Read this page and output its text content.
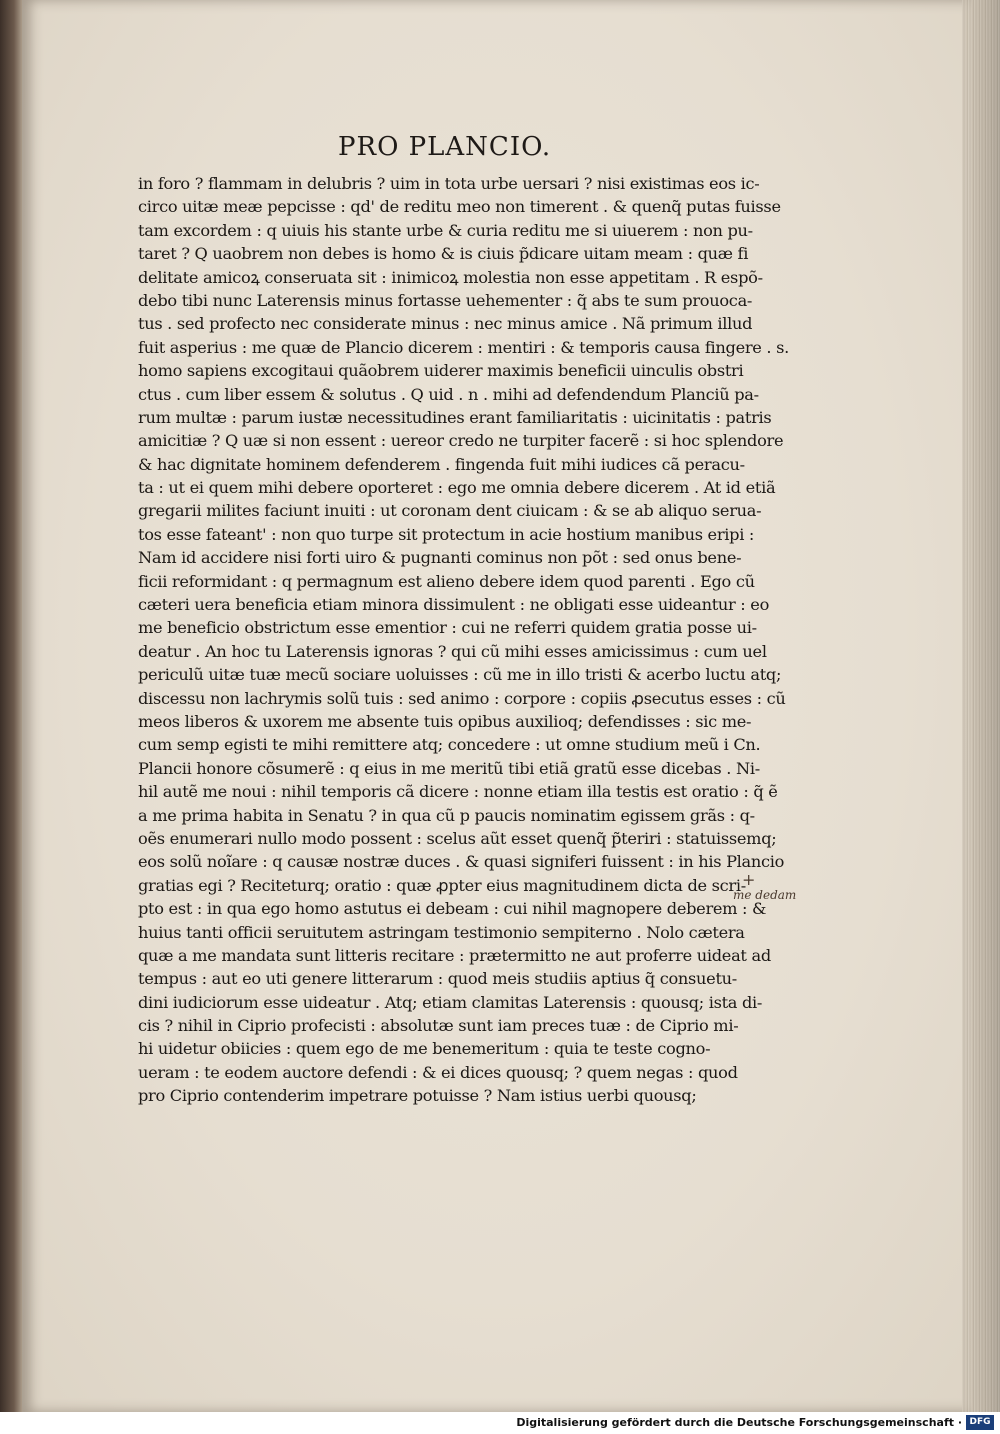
PRO PLANCIO.
in foro ? flammam in delubris ? uim in tota urbe uersari ? nisi existimas eos ic-
circo uitæ meæ pepcisse : qd' de reditu meo non timerent . & quenq̃ putas fuisse
tam excordem : q uiuis his stante urbe & curia reditu me si uiuerem : non pu-
taret ? Q uaobrem non debes is homo & is ciuis p̃dicare uitam meam : quæ fi
delitate amicoꝝ conseruata sit : inimicoꝝ molestia non esse appetitam . R espõ-
debo tibi nunc Laterensis minus fortasse uehementer : q̃ abs te sum prouoca-
tus . sed profecto nec considerate minus : nec minus amice . Nã primum illud
fuit asperius : me quæ de Plancio dicerem : mentiri : & temporis causa fingere . s.
homo sapiens excogitaui quãobrem uiderer maximis beneficii uinculis obstri
ctus . cum liber essem & solutus . Q uid . n . mihi ad defendendum Planciũ pa-
rum multæ : parum iustæ necessitudines erant familiaritatis : uicinitatis : patris
amicitiæ ? Q uæ si non essent : uereor credo ne turpiter facerẽ : si hoc splendore
& hac dignitate hominem defenderem . fingenda fuit mihi iudices cã peracu-
ta : ut ei quem mihi debere oporteret : ego me omnia debere dicerem . At id etiã
gregarii milites faciunt inuiti : ut coronam dent ciuicam : & se ab aliquo serua-
tos esse fateant' : non quo turpe sit protectum in acie hostium manibus eripi :
Nam id accidere nisi forti uiro & pugnanti cominus non põt : sed onus bene-
ficii reformidant : q permagnum est alieno debere idem quod parenti . Ego cũ
cæteri uera beneficia etiam minora dissimulent : ne obligati esse uideantur : eo
me beneficio obstrictum esse ementior : cui ne referri quidem gratia posse ui-
deatur . An hoc tu Laterensis ignoras ? qui cũ mihi esses amicissimus : cum uel
periculũ uitæ tuæ mecũ sociare uoluisses : cũ me in illo tristi & acerbo luctu atq;
discessu non lachrymis solũ tuis : sed animo : corpore : copiis ꝓsecutus esses : cũ
meos liberos & uxorem me absente tuis opibus auxilioq; defendisses : sic me-
cum semp egisti te mihi remittere atq; concedere : ut omne studium meũ i Cn.
Plancii honore cõsumerẽ : q eius in me meritũ tibi etiã gratũ esse dicebas . Ni-
hil autẽ me noui : nihil temporis cã dicere : nonne etiam illa testis est oratio : q̃ ẽ
a me prima habita in Senatu ? in qua cũ p paucis nominatim egissem grãs : q-
oẽs enumerari nullo modo possent : scelus aũt esset quenq̃ p̃teriri : statuissemq;
eos solũ noĩare : q causæ nostræ duces . & quasi signiferi fuissent : in his Plancio
gratias egi ? Reciteturq; oratio : quæ ꝓpter eius magnitudinem dicta de scri-
pto est : in qua ego homo astutus ei debeam : cui nihil magnopere deberem : &
huius tanti officii seruitutem astringam testimonio sempiterno . Nolo cætera
quæ a me mandata sunt litteris recitare : prætermitto ne aut proferre uideat ad
tempus : aut eo uti genere litterarum : quod meis studiis aptius q̃ consuetu-
dini iudiciorum esse uideatur . Atq; etiam clamitas Laterensis : quousq; ista di-
cis ? nihil in Ciprio profecisti : absolutæ sunt iam preces tuæ : de Ciprio mi-
hi uidetur obiicies : quem ego de me benemeritum : quia te teste cogno-
ueram : te eodem auctore defendi : & ei dices quousq; ? quem negas : quod
pro Ciprio contenderim impetrare potuisse ? Nam istius uerbi quousq;
+
me dedam
Digitalisierung gefördert durch die Deutsche Forschungsgemeinschaft · DFG
